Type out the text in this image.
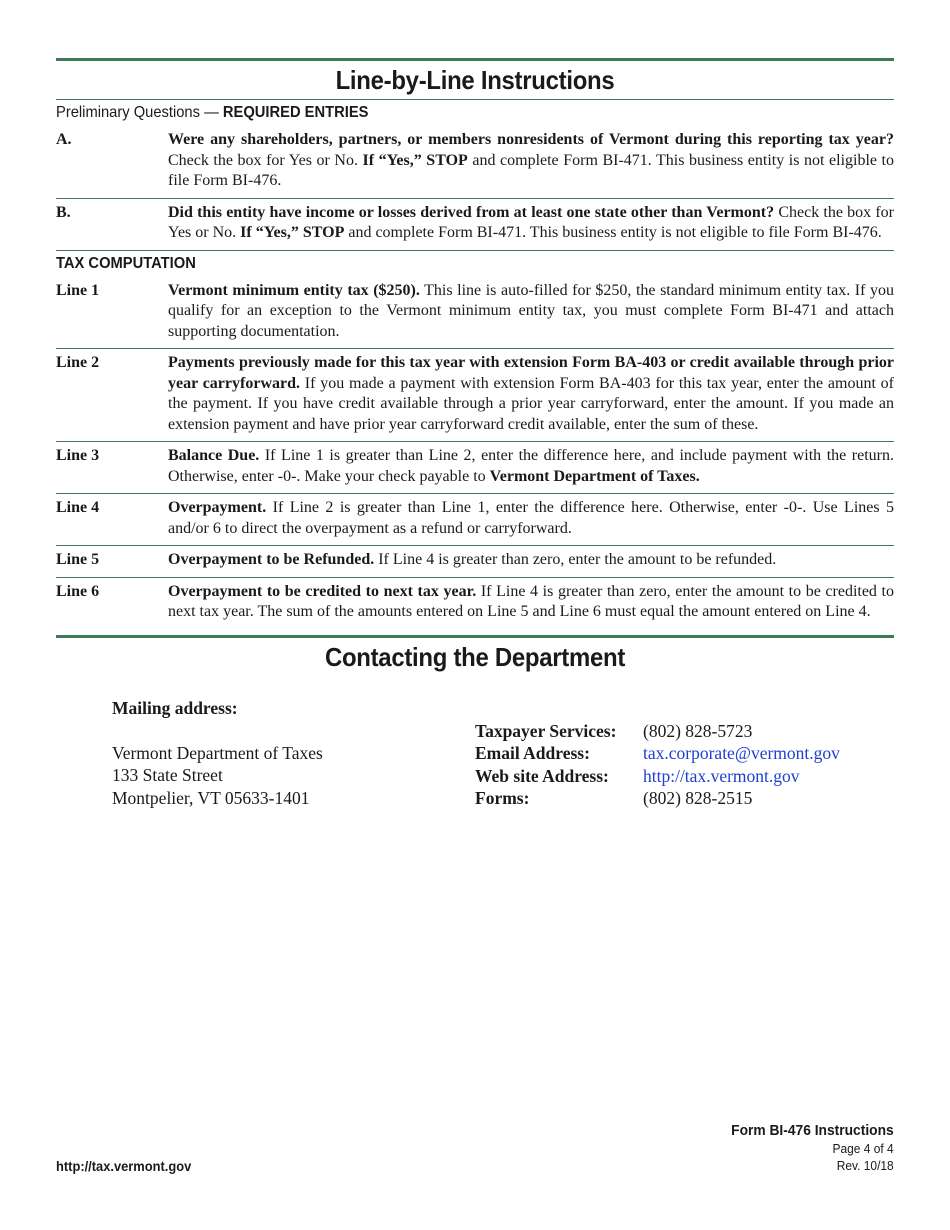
Line-by-Line Instructions
Preliminary Questions — REQUIRED ENTRIES
A.	Were any shareholders, partners, or members nonresidents of Vermont during this reporting tax year? Check the box for Yes or No. If “Yes,” STOP and complete Form BI-471. This business entity is not eligible to file Form BI-476.
B.	Did this entity have income or losses derived from at least one state other than Vermont? Check the box for Yes or No. If “Yes,” STOP and complete Form BI-471. This business entity is not eligible to file Form BI-476.
TAX COMPUTATION
Line 1	Vermont minimum entity tax ($250). This line is auto-filled for $250, the standard minimum entity tax. If you qualify for an exception to the Vermont minimum entity tax, you must complete Form BI-471 and attach supporting documentation.
Line 2	Payments previously made for this tax year with extension Form BA-403 or credit available through prior year carryforward. If you made a payment with extension Form BA-403 for this tax year, enter the amount of the payment. If you have credit available through a prior year carryforward, enter the amount. If you made an extension payment and have prior year carryforward credit available, enter the sum of these.
Line 3	Balance Due. If Line 1 is greater than Line 2, enter the difference here, and include payment with the return. Otherwise, enter -0-. Make your check payable to Vermont Department of Taxes.
Line 4	Overpayment. If Line 2 is greater than Line 1, enter the difference here. Otherwise, enter -0-. Use Lines 5 and/or 6 to direct the overpayment as a refund or carryforward.
Line 5	Overpayment to be Refunded. If Line 4 is greater than zero, enter the amount to be refunded.
Line 6	Overpayment to be credited to next tax year. If Line 4 is greater than zero, enter the amount to be credited to next tax year. The sum of the amounts entered on Line 5 and Line 6 must equal the amount entered on Line 4.
Contacting the Department
Mailing address:
Vermont Department of Taxes
133 State Street
Montpelier, VT 05633-1401
Taxpayer Services:	(802) 828-5723
Email Address:	tax.corporate@vermont.gov
Web site Address:	http://tax.vermont.gov
Forms:	(802) 828-2515
http://tax.vermont.gov
Form BI-476 Instructions
Page 4 of 4
Rev. 10/18
